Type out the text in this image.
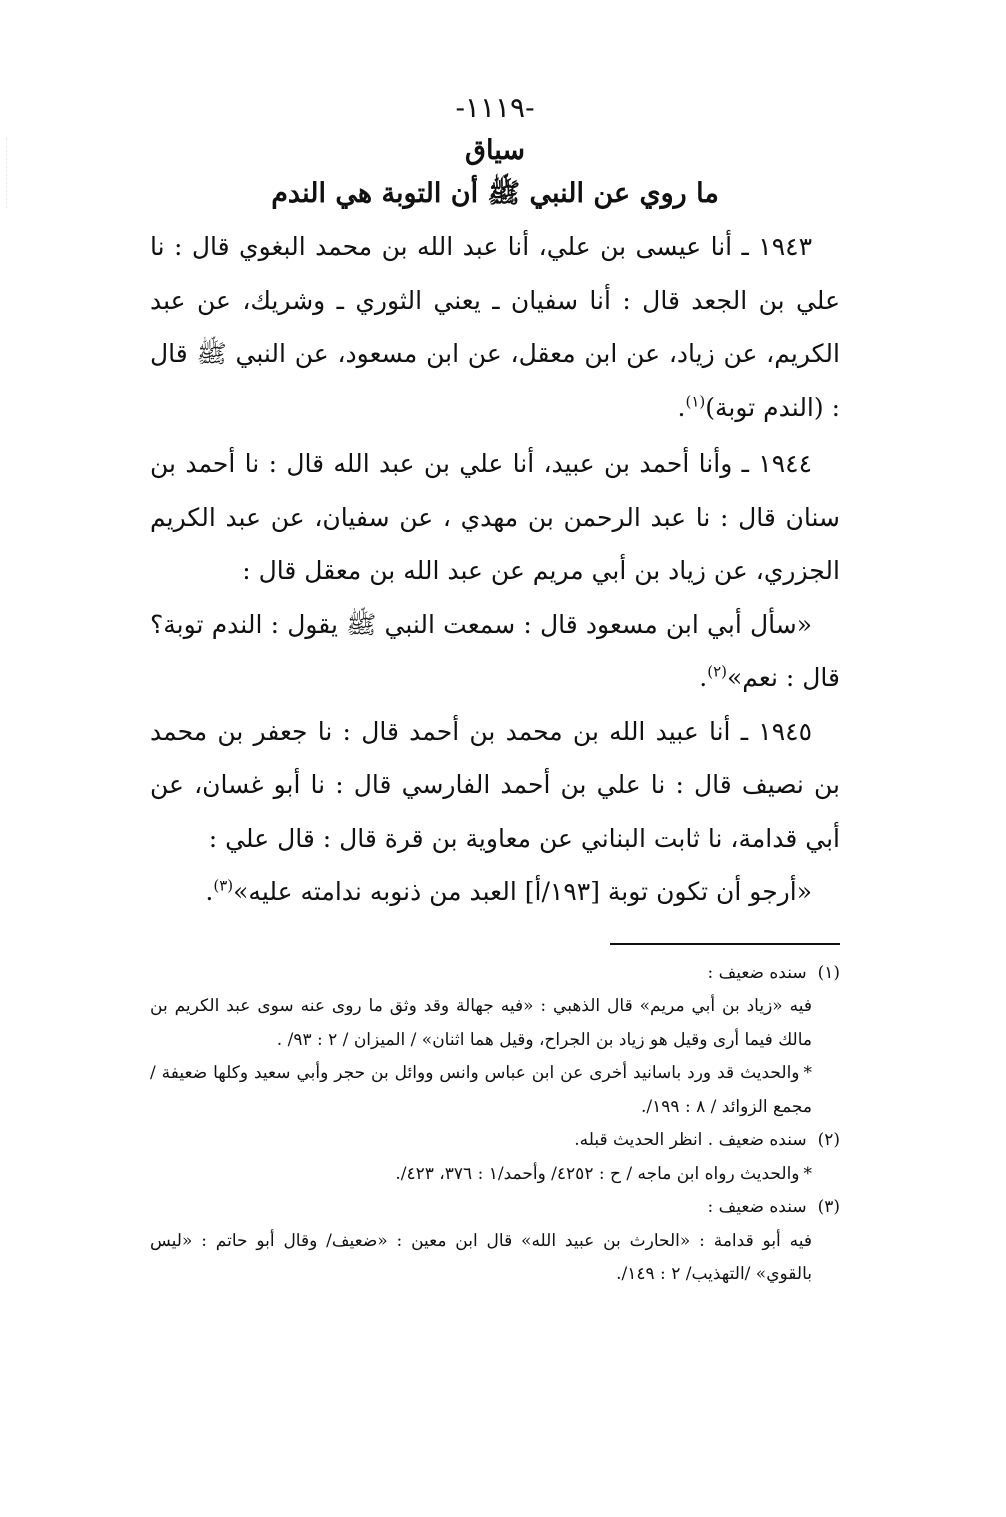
-١١١٩-
سياق
ما روي عن النبي ﷺ أن التوبة هي الندم

١٩٤٣ ـ أنا عيسى بن علي، أنا عبد الله بن محمد البغوي قال : نا علي بن الجعد قال : أنا سفيان ـ يعني الثوري ـ وشريك، عن عبد الكريم، عن زياد، عن ابن معقل، عن ابن مسعود، عن النبي ﷺ قال : (الندم توبة)$^{(١)}$.

١٩٤٤ ـ وأنا أحمد بن عبيد، أنا علي بن عبد الله قال : نا أحمد بن سنان قال : نا عبد الرحمن بن مهدي ، عن سفيان، عن عبد الكريم الجزري، عن زياد بن أبي مريم عن عبد الله بن معقل قال :

«سأل أبي ابن مسعود قال : سمعت النبي ﷺ يقول : الندم توبة؟ قال : نعم»$^{(٢)}$.

١٩٤٥ ـ أنا عبيد الله بن محمد بن أحمد قال : نا جعفر بن محمد بن نصيف قال : نا علي بن أحمد الفارسي قال : نا أبو غسان، عن أبي قدامة، نا ثابت البناني عن معاوية بن قرة قال : قال علي :

«أرجو أن تكون توبة [١٩٣/أ] العبد من ذنوبه ندامته عليه»$^{(٣)}$.

(١) سنده ضعيف :

فيه «زياد بن أبي مريم» قال الذهبي : «فيه جهالة وقد وثق ما روى عنه سوى عبد الكريم بن مالك فيما أرى وقيل هو زياد بن الجراح، وقيل هما اثنان» / الميزان / ٢ : ٩٣/ .

*والحديث قد ورد باسانيد أخرى عن ابن عباس وانس ووائل بن حجر وأبي سعيد وكلها ضعيفة / مجمع الزوائد / ٨ : ١٩٩/.

(٢) سنده ضعيف . انظر الحديث قبله.

*والحديث رواه ابن ماجه / ح : ٤٢٥٢/ وأحمد/١ : ٣٧٦، ٤٢٣/.

(٣) سنده ضعيف :

فيه أبو قدامة : «الحارث بن عبيد الله» قال ابن معين : «ضعيف/ وقال أبو حاتم : «ليس بالقوي» /التهذيب/ ٢ : ١٤٩/.
